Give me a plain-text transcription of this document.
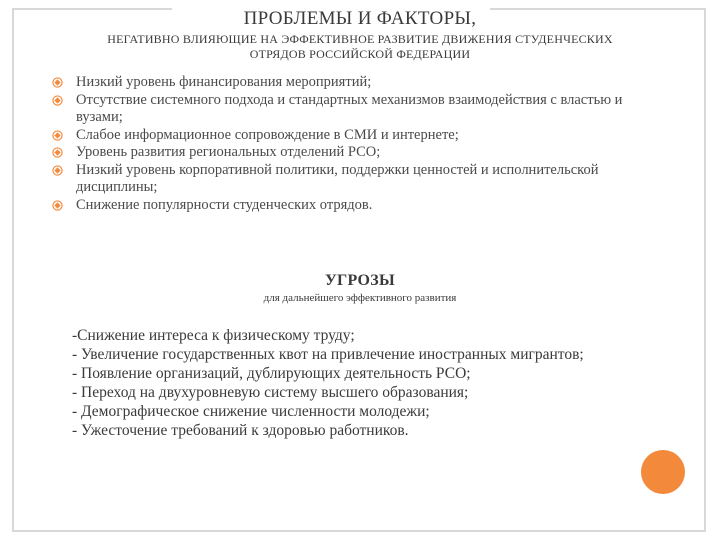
ПРОБЛЕМЫ И ФАКТОРЫ,
НЕГАТИВНО ВЛИЯЮЩИЕ НА ЭФФЕКТИВНОЕ РАЗВИТИЕ ДВИЖЕНИЯ СТУДЕНЧЕСКИХ ОТРЯДОВ РОССИЙСКОЙ ФЕДЕРАЦИИ
Низкий уровень финансирования мероприятий;
Отсутствие системного подхода и стандартных механизмов взаимодействия с властью и вузами;
Слабое информационное сопровождение в СМИ и интернете;
Уровень развития региональных отделений РСО;
Низкий уровень корпоративной политики, поддержки ценностей и исполнительской дисциплины;
Снижение популярности студенческих отрядов.
УГРОЗЫ
для дальнейшего эффективного развития
-Снижение интереса к физическому труду;
- Увеличение государственных квот на привлечение иностранных мигрантов;
- Появление организаций, дублирующих деятельность РСО;
- Переход на двухуровневую систему высшего образования;
- Демографическое снижение численности молодежи;
- Ужесточение требований к здоровью работников.
